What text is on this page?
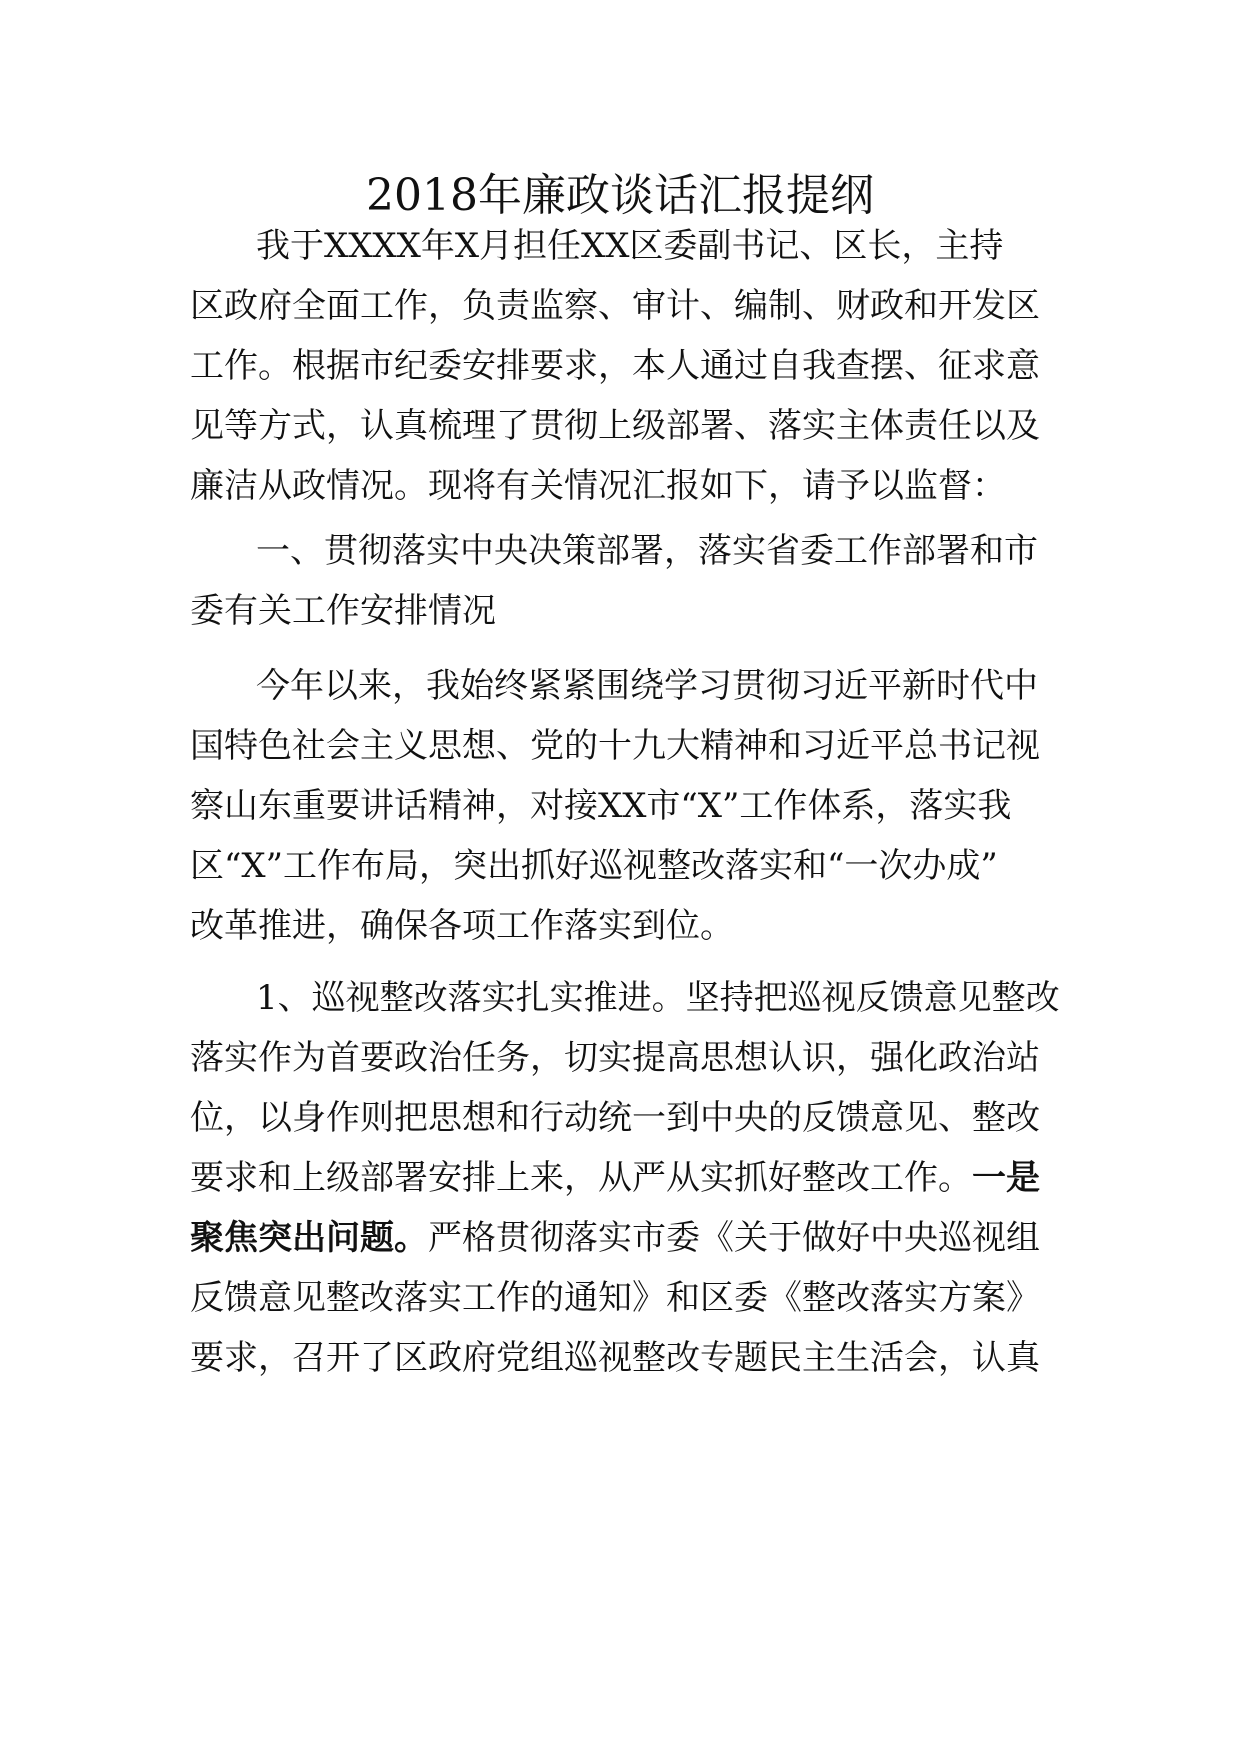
2018年廉政谈话汇报提纲
我于XXXX年X月担任XX区委副书记、区长，主持
区政府全面工作，负责监察、审计、编制、财政和开发区
工作。根据市纪委安排要求，本人通过自我查摆、征求意
见等方式，认真梳理了贯彻上级部署、落实主体责任以及
廉洁从政情况。现将有关情况汇报如下，请予以监督：
一、贯彻落实中央决策部署，落实省委工作部署和市
委有关工作安排情况
今年以来，我始终紧紧围绕学习贯彻习近平新时代中
国特色社会主义思想、党的十九大精神和习近平总书记视
察山东重要讲话精神，对接XX市“X”工作体系，落实我
区“X”工作布局，突出抓好巡视整改落实和“一次办成”
改革推进，确保各项工作落实到位。
1、巡视整改落实扎实推进。坚持把巡视反馈意见整改
落实作为首要政治任务，切实提高思想认识，强化政治站
位，以身作则把思想和行动统一到中央的反馈意见、整改
要求和上级部署安排上来，从严从实抓好整改工作。一是
聚焦突出问题。严格贯彻落实市委《关于做好中央巡视组
反馈意见整改落实工作的通知》和区委《整改落实方案》
要求，召开了区政府党组巡视整改专题民主生活会，认真
